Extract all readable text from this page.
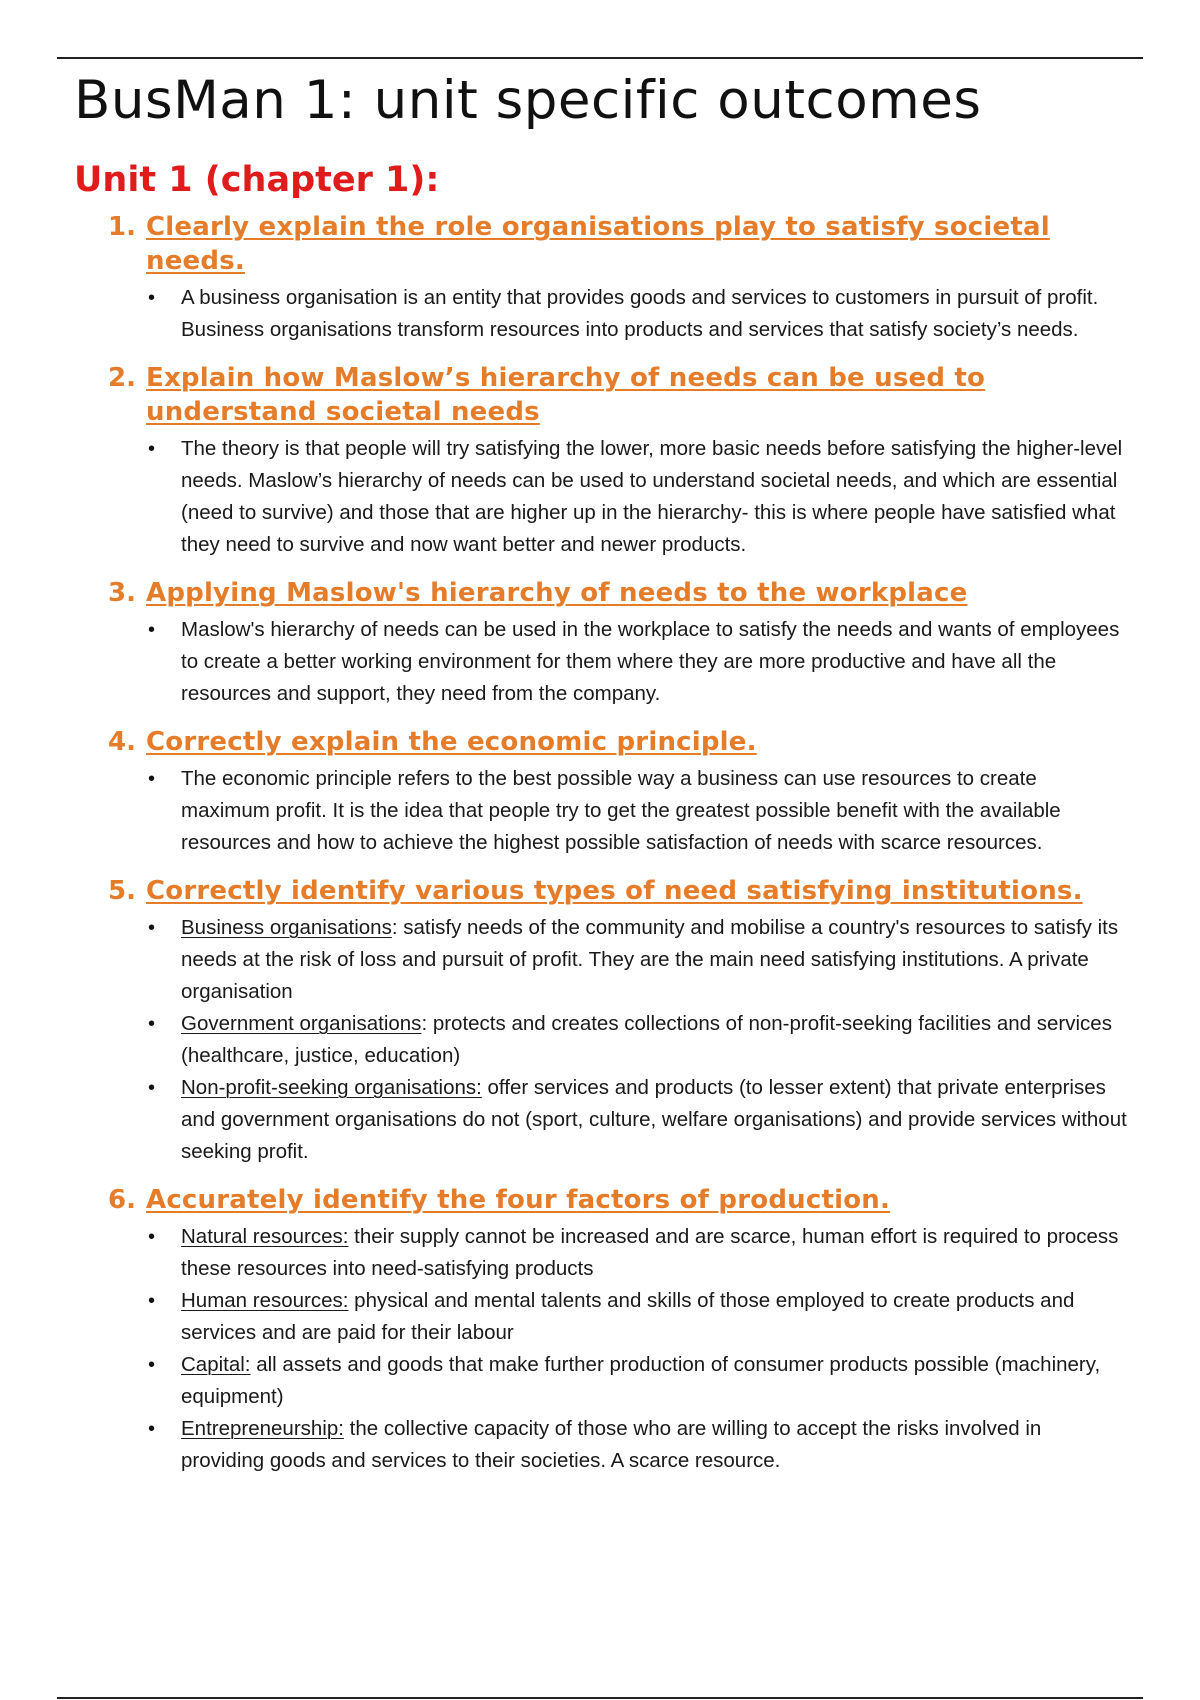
BusMan 1: unit specific outcomes
Unit 1 (chapter 1):
1. Clearly explain the role organisations play to satisfy societal needs.
• A business organisation is an entity that provides goods and services to customers in pursuit of profit. Business organisations transform resources into products and services that satisfy society’s needs.
2. Explain how Maslow’s hierarchy of needs can be used to understand societal needs
• The theory is that people will try satisfying the lower, more basic needs before satisfying the higher-level needs. Maslow’s hierarchy of needs can be used to understand societal needs, and which are essential (need to survive) and those that are higher up in the hierarchy- this is where people have satisfied what they need to survive and now want better and newer products.
3. Applying Maslow's hierarchy of needs to the workplace
• Maslow's hierarchy of needs can be used in the workplace to satisfy the needs and wants of employees to create a better working environment for them where they are more productive and have all the resources and support, they need from the company.
4. Correctly explain the economic principle.
• The economic principle refers to the best possible way a business can use resources to create maximum profit. It is the idea that people try to get the greatest possible benefit with the available resources and how to achieve the highest possible satisfaction of needs with scarce resources.
5. Correctly identify various types of need satisfying institutions.
• Business organisations: satisfy needs of the community and mobilise a country's resources to satisfy its needs at the risk of loss and pursuit of profit. They are the main need satisfying institutions. A private organisation
• Government organisations: protects and creates collections of non-profit-seeking facilities and services (healthcare, justice, education)
• Non-profit-seeking organisations: offer services and products (to lesser extent) that private enterprises and government organisations do not (sport, culture, welfare organisations) and provide services without seeking profit.
6. Accurately identify the four factors of production.
• Natural resources: their supply cannot be increased and are scarce, human effort is required to process these resources into need-satisfying products
• Human resources: physical and mental talents and skills of those employed to create products and services and are paid for their labour
• Capital: all assets and goods that make further production of consumer products possible (machinery, equipment)
• Entrepreneurship: the collective capacity of those who are willing to accept the risks involved in providing goods and services to their societies. A scarce resource.
